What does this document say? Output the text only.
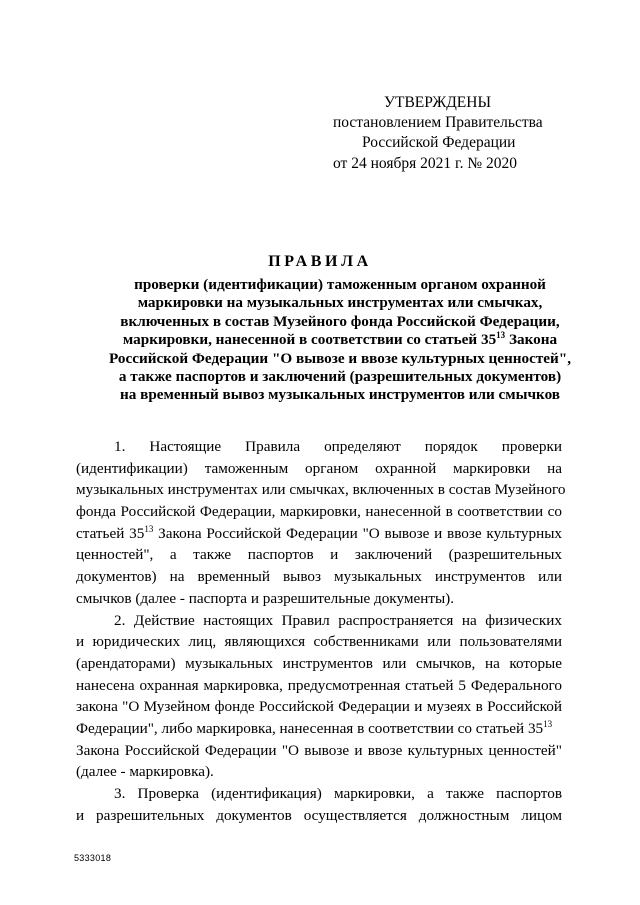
УТВЕРЖДЕНЫ
постановлением Правительства
Российской Федерации
от 24 ноября 2021 г. № 2020
ПРАВИЛА
проверки (идентификации) таможенным органом охранной
маркировки на музыкальных инструментах или смычках,
включенных в состав Музейного фонда Российской Федерации,
маркировки, нанесенной в соответствии со статьей $35^{13}$ Закона
Российской Федерации "О вывозе и ввозе культурных ценностей",
а также паспортов и заключений (разрешительных документов)
на временный вывоз музыкальных инструментов или смычков
1. Настоящие Правила определяют порядок проверки
(идентификации) таможенным органом охранной маркировки на
музыкальных инструментах или смычках, включенных в состав Музейного
фонда Российской Федерации, маркировки, нанесенной в соответствии со
статьей $35^{13}$ Закона Российской Федерации "О вывозе и ввозе культурных
ценностей", а также паспортов и заключений (разрешительных
документов) на временный вывоз музыкальных инструментов или
смычков (далее - паспорта и разрешительные документы).
2. Действие настоящих Правил распространяется на физических
и юридических лиц, являющихся собственниками или пользователями
(арендаторами) музыкальных инструментов или смычков, на которые
нанесена охранная маркировка, предусмотренная статьей 5 Федерального
закона "О Музейном фонде Российской Федерации и музеях в Российской
Федерации", либо маркировка, нанесенная в соответствии со статьей $35^{13}$
Закона Российской Федерации "О вывозе и ввозе культурных ценностей"
(далее - маркировка).
3. Проверка (идентификация) маркировки, а также паспортов
и разрешительных документов осуществляется должностным лицом
5333018
